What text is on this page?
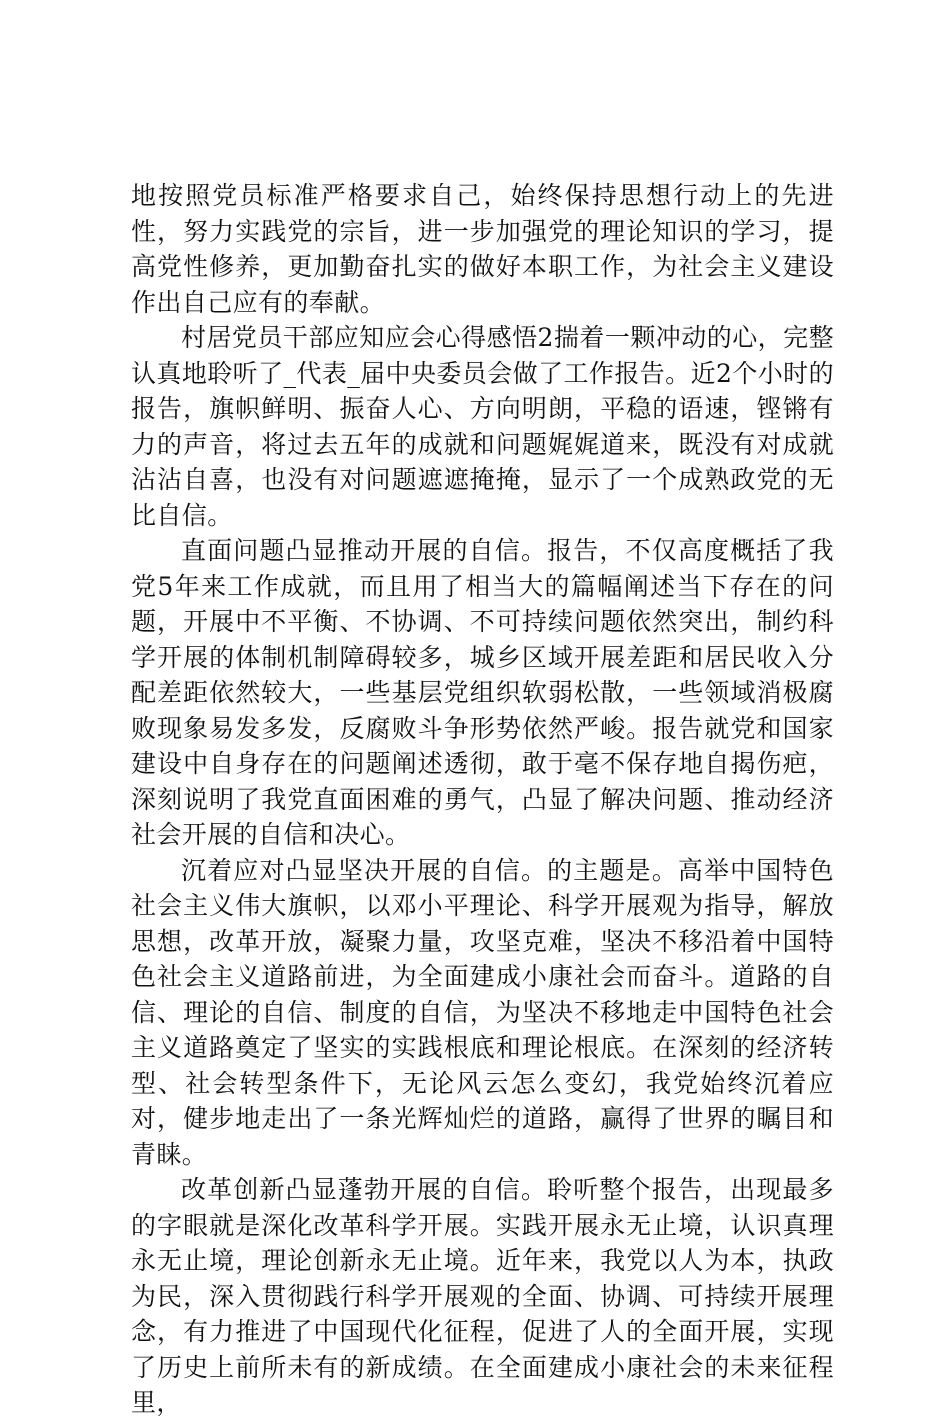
地按照党员标准严格要求自己，始终保持思想行动上的先进性，努力实践党的宗旨，进一步加强党的理论知识的学习，提高党性修养，更加勤奋扎实的做好本职工作，为社会主义建设作出自己应有的奉献。

村居党员干部应知应会心得感悟2揣着一颗冲动的心，完整认真地聆听了_代表_届中央委员会做了工作报告。近2个小时的报告，旗帜鲜明、振奋人心、方向明朗，平稳的语速，铿锵有力的声音，将过去五年的成就和问题娓娓道来，既没有对成就沾沾自喜，也没有对问题遮遮掩掩，显示了一个成熟政党的无比自信。

直面问题凸显推动开展的自信。报告，不仅高度概括了我党5年来工作成就，而且用了相当大的篇幅阐述当下存在的问题，开展中不平衡、不协调、不可持续问题依然突出，制约科学开展的体制机制障碍较多，城乡区域开展差距和居民收入分配差距依然较大，一些基层党组织软弱松散，一些领域消极腐败现象易发多发，反腐败斗争形势依然严峻。报告就党和国家建设中自身存在的问题阐述透彻，敢于毫不保存地自揭伤疤，深刻说明了我党直面困难的勇气，凸显了解决问题、推动经济社会开展的自信和决心。

沉着应对凸显坚决开展的自信。的主题是。高举中国特色社会主义伟大旗帜，以邓小平理论、科学开展观为指导，解放思想，改革开放，凝聚力量，攻坚克难，坚决不移沿着中国特色社会主义道路前进，为全面建成小康社会而奋斗。道路的自信、理论的自信、制度的自信，为坚决不移地走中国特色社会主义道路奠定了坚实的实践根底和理论根底。在深刻的经济转型、社会转型条件下，无论风云怎么变幻，我党始终沉着应对，健步地走出了一条光辉灿烂的道路，赢得了世界的瞩目和青睐。

改革创新凸显蓬勃开展的自信。聆听整个报告，出现最多的字眼就是深化改革科学开展。实践开展永无止境，认识真理永无止境，理论创新永无止境。近年来，我党以人为本，执政为民，深入贯彻践行科学开展观的全面、协调、可持续开展理念，有力推进了中国现代化征程，促进了人的全面开展，实现了历史上前所未有的新成绩。在全面建成小康社会的未来征程里，
